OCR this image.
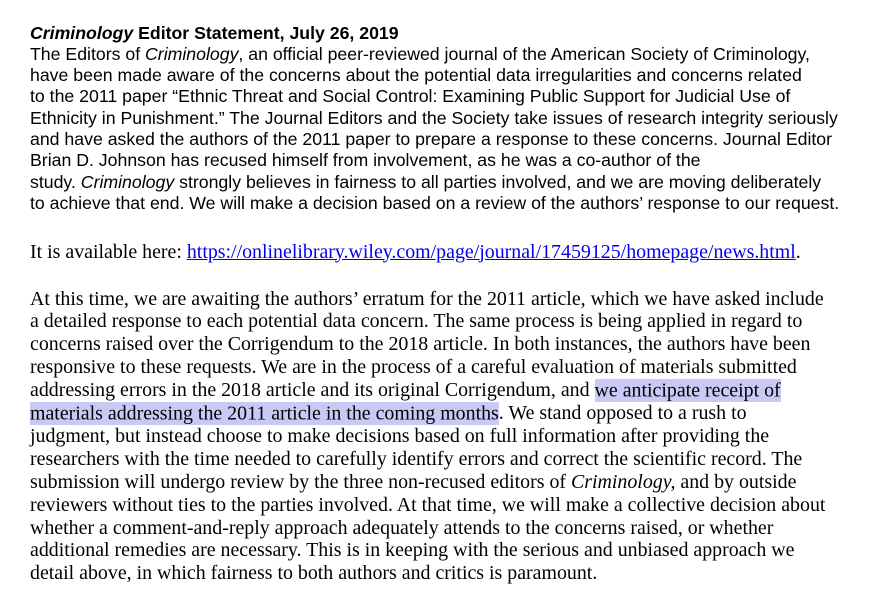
Criminology Editor Statement, July 26, 2019
The Editors of Criminology, an official peer-reviewed journal of the American Society of Criminology,
have been made aware of the concerns about the potential data irregularities and concerns related
to the 2011 paper “Ethnic Threat and Social Control: Examining Public Support for Judicial Use of
Ethnicity in Punishment.” The Journal Editors and the Society take issues of research integrity seriously
and have asked the authors of the 2011 paper to prepare a response to these concerns. Journal Editor
Brian D. Johnson has recused himself from involvement, as he was a co-author of the
study. Criminology strongly believes in fairness to all parties involved, and we are moving deliberately
to achieve that end. We will make a decision based on a review of the authors’ response to our request.
It is available here: https://onlinelibrary.wiley.com/page/journal/17459125/homepage/news.html.
At this time, we are awaiting the authors’ erratum for the 2011 article, which we have asked include
a detailed response to each potential data concern. The same process is being applied in regard to
concerns raised over the Corrigendum to the 2018 article. In both instances, the authors have been
responsive to these requests. We are in the process of a careful evaluation of materials submitted
addressing errors in the 2018 article and its original Corrigendum, and we anticipate receipt of
materials addressing the 2011 article in the coming months. We stand opposed to a rush to
judgment, but instead choose to make decisions based on full information after providing the
researchers with the time needed to carefully identify errors and correct the scientific record. The
submission will undergo review by the three non-recused editors of Criminology, and by outside
reviewers without ties to the parties involved. At that time, we will make a collective decision about
whether a comment-and-reply approach adequately attends to the concerns raised, or whether
additional remedies are necessary. This is in keeping with the serious and unbiased approach we
detail above, in which fairness to both authors and critics is paramount.
